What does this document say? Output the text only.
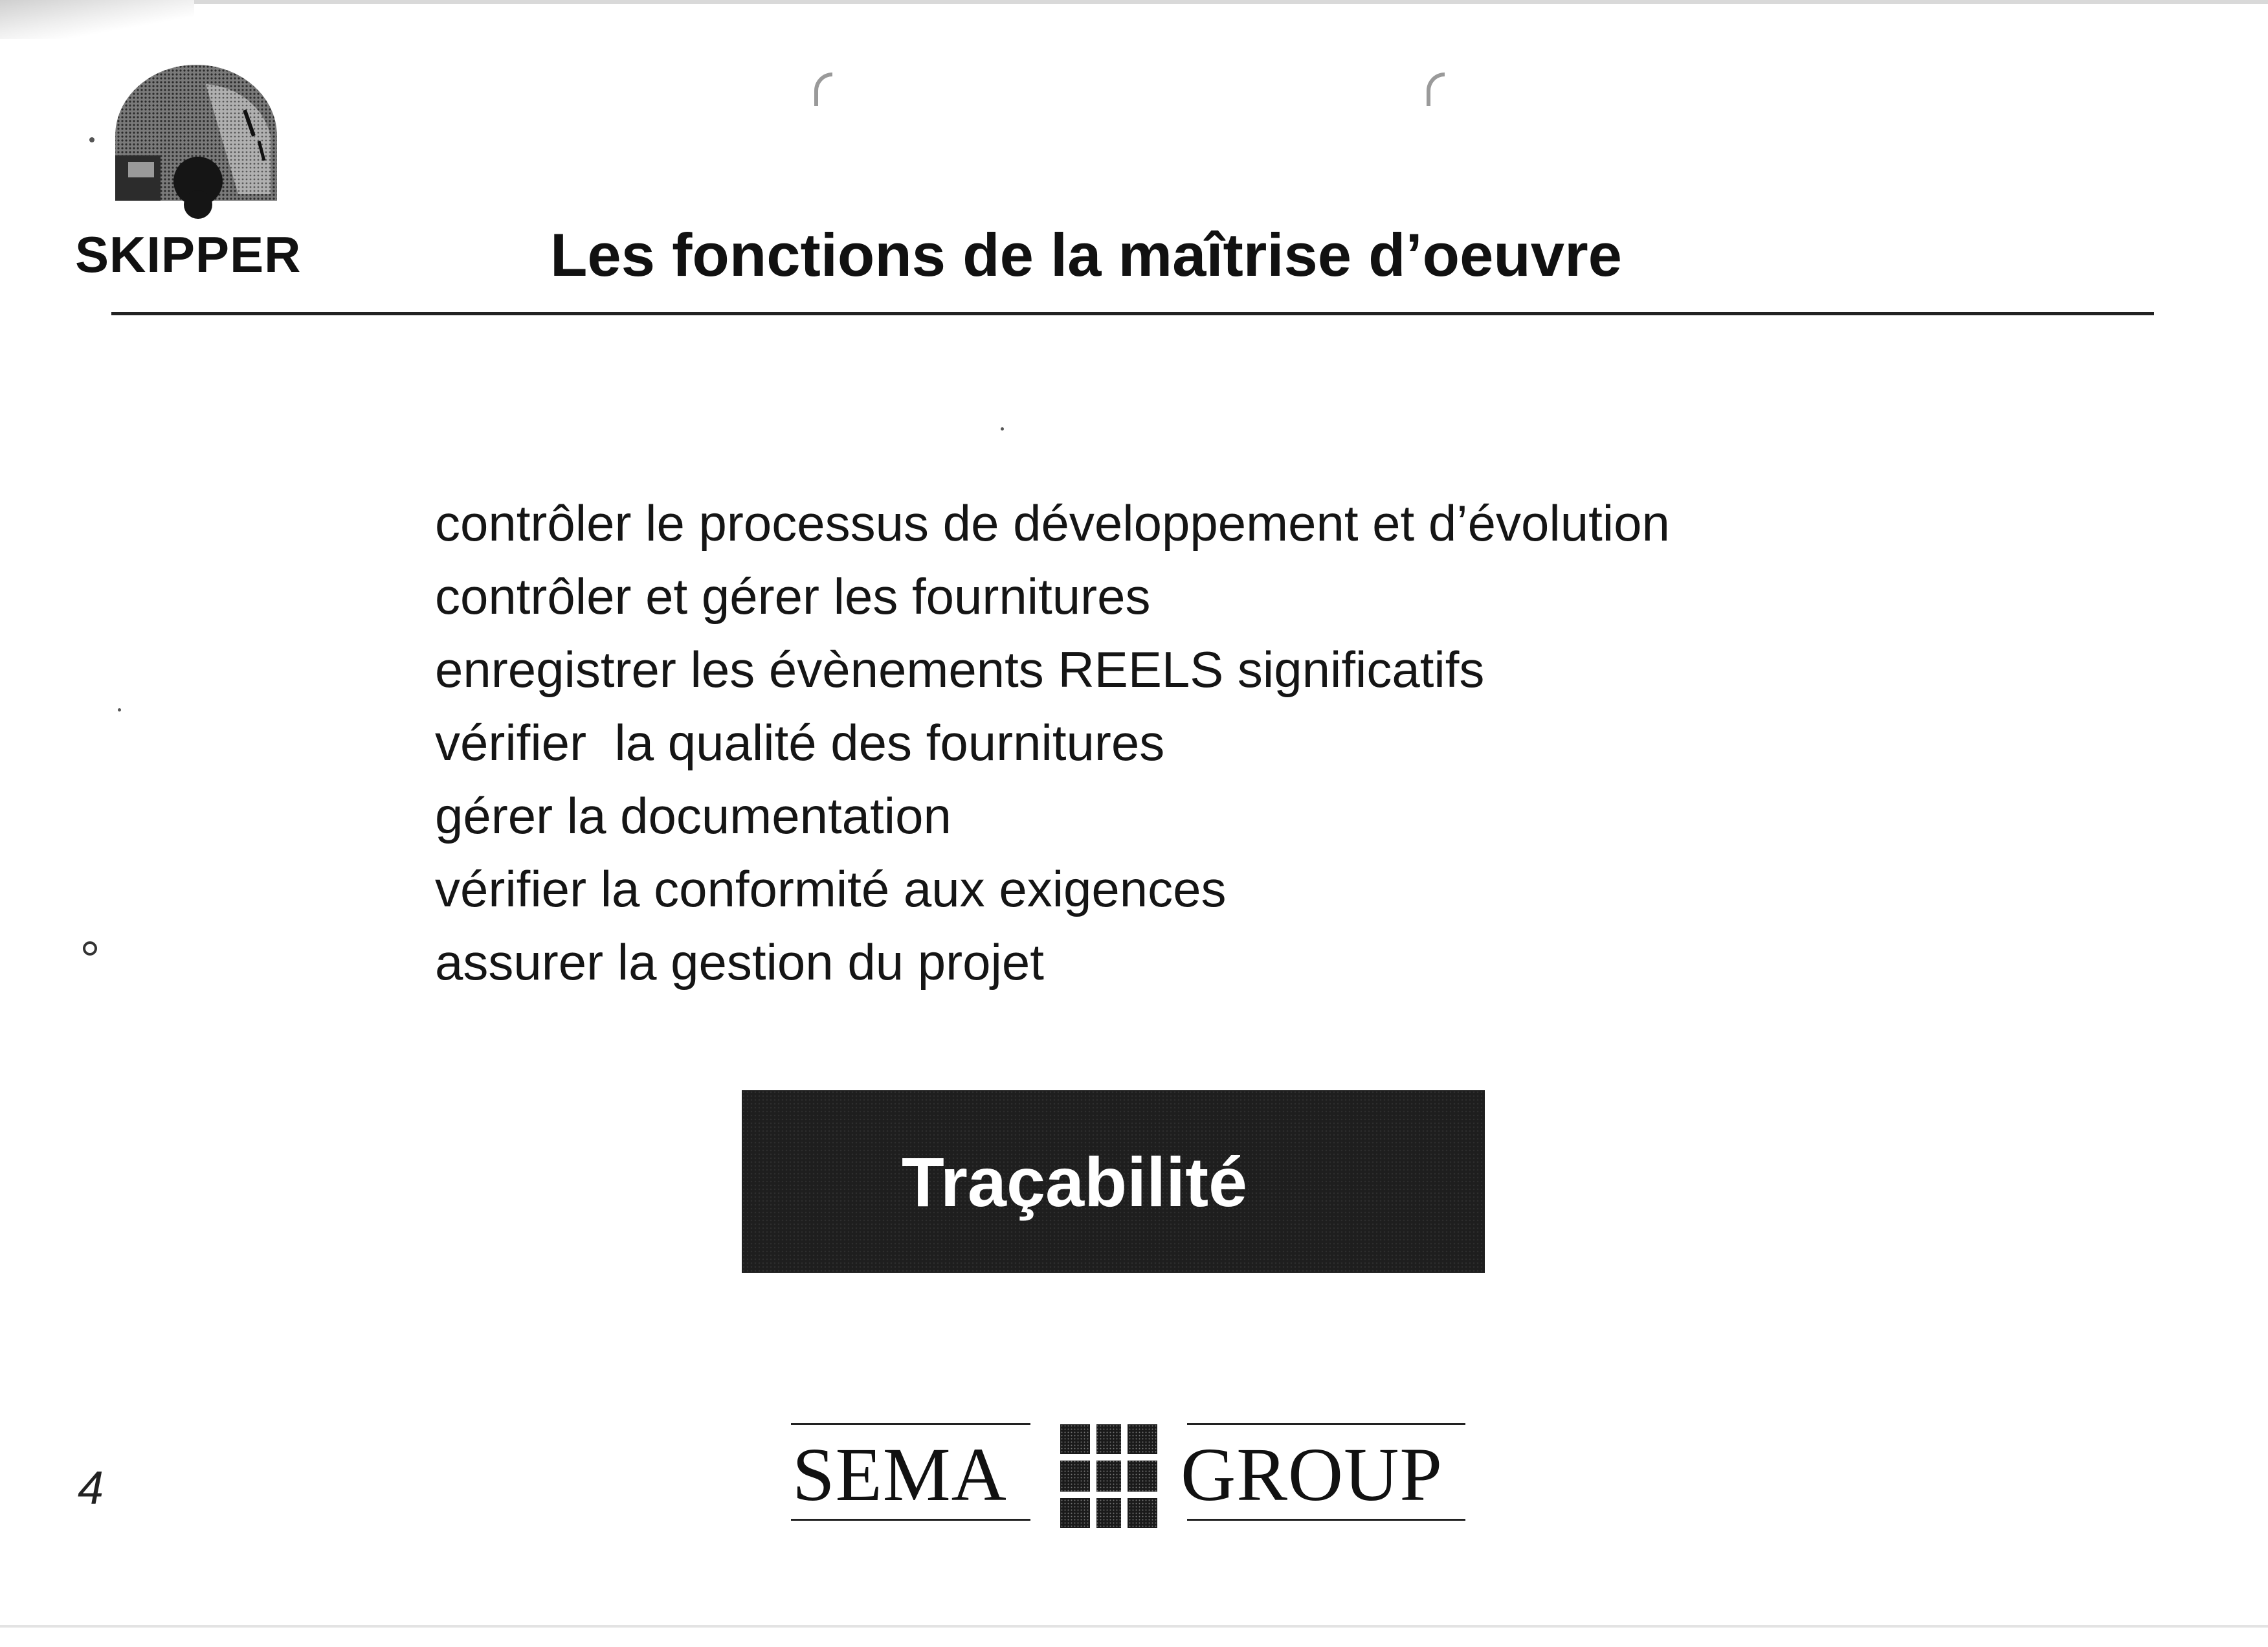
SKIPPER	Les fonctions de la maîtrise d’oeuvre
contrôler le processus de développement et d’évolution
contrôler et gérer les fournitures
enregistrer les évènements REELS significatifs
vérifier  la qualité des fournitures
gérer la documentation
vérifier la conformité aux exigences
assurer la gestion du projet
Traçabilité
SEMA GROUP
4
